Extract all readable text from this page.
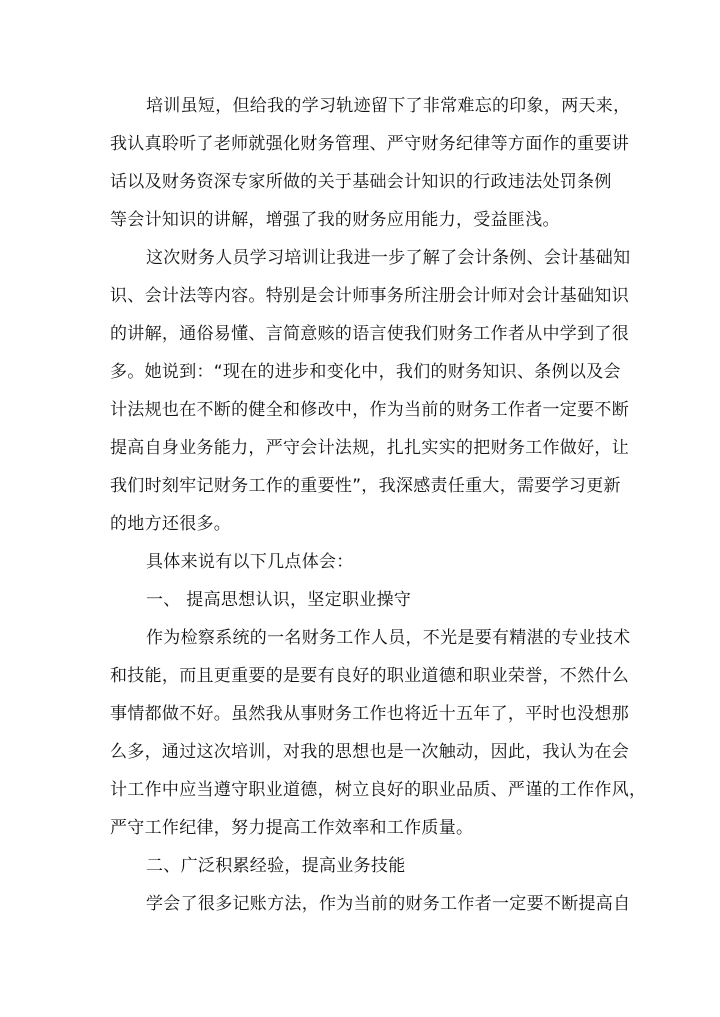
培训虽短，但给我的学习轨迹留下了非常难忘的印象，两天来，
我认真聆听了老师就强化财务管理、严守财务纪律等方面作的重要讲
话以及财务资深专家所做的关于基础会计知识的行政违法处罚条例
等会计知识的讲解，增强了我的财务应用能力，受益匪浅。
这次财务人员学习培训让我进一步了解了会计条例、会计基础知
识、会计法等内容。特别是会计师事务所注册会计师对会计基础知识
的讲解，通俗易懂、言简意赅的语言使我们财务工作者从中学到了很
多。她说到：“现在的进步和变化中，我们的财务知识、条例以及会
计法规也在不断的健全和修改中，作为当前的财务工作者一定要不断
提高自身业务能力，严守会计法规，扎扎实实的把财务工作做好，让
我们时刻牢记财务工作的重要性”，我深感责任重大，需要学习更新
的地方还很多。
具体来说有以下几点体会：
一、 提高思想认识，坚定职业操守
作为检察系统的一名财务工作人员，不光是要有精湛的专业技术
和技能，而且更重要的是要有良好的职业道德和职业荣誉，不然什么
事情都做不好。虽然我从事财务工作也将近十五年了，平时也没想那
么多，通过这次培训，对我的思想也是一次触动，因此，我认为在会
计工作中应当遵守职业道德，树立良好的职业品质、严谨的工作作风，
严守工作纪律，努力提高工作效率和工作质量。
二、广泛积累经验，提高业务技能
学会了很多记账方法，作为当前的财务工作者一定要不断提高自
